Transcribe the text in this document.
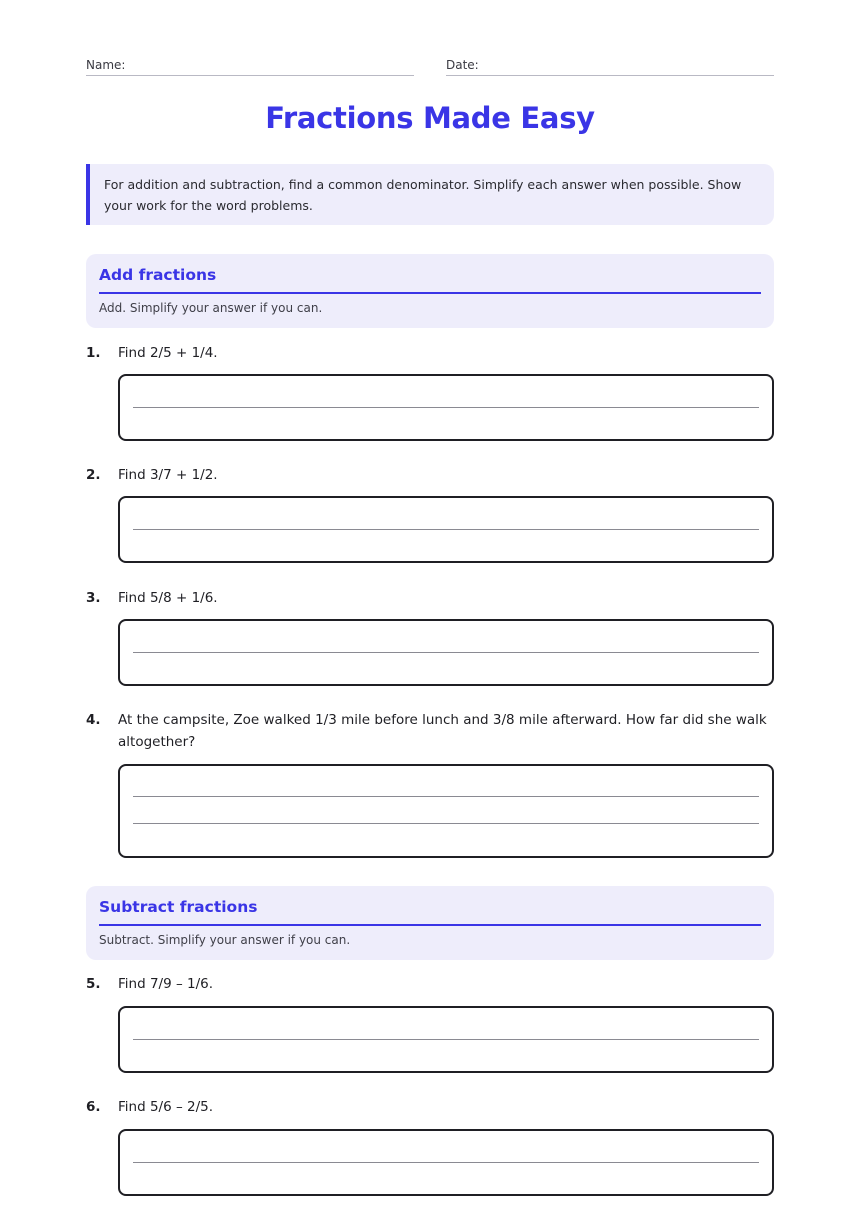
Name:	Date:
Fractions Made Easy
For addition and subtraction, find a common denominator. Simplify each answer when possible. Show your work for the word problems.
Add fractions
Add. Simplify your answer if you can.
1. Find 2/5 + 1/4.
2. Find 3/7 + 1/2.
3. Find 5/8 + 1/6.
4. At the campsite, Zoe walked 1/3 mile before lunch and 3/8 mile afterward. How far did she walk altogether?
Subtract fractions
Subtract. Simplify your answer if you can.
5. Find 7/9 – 1/6.
6. Find 5/6 – 2/5.
